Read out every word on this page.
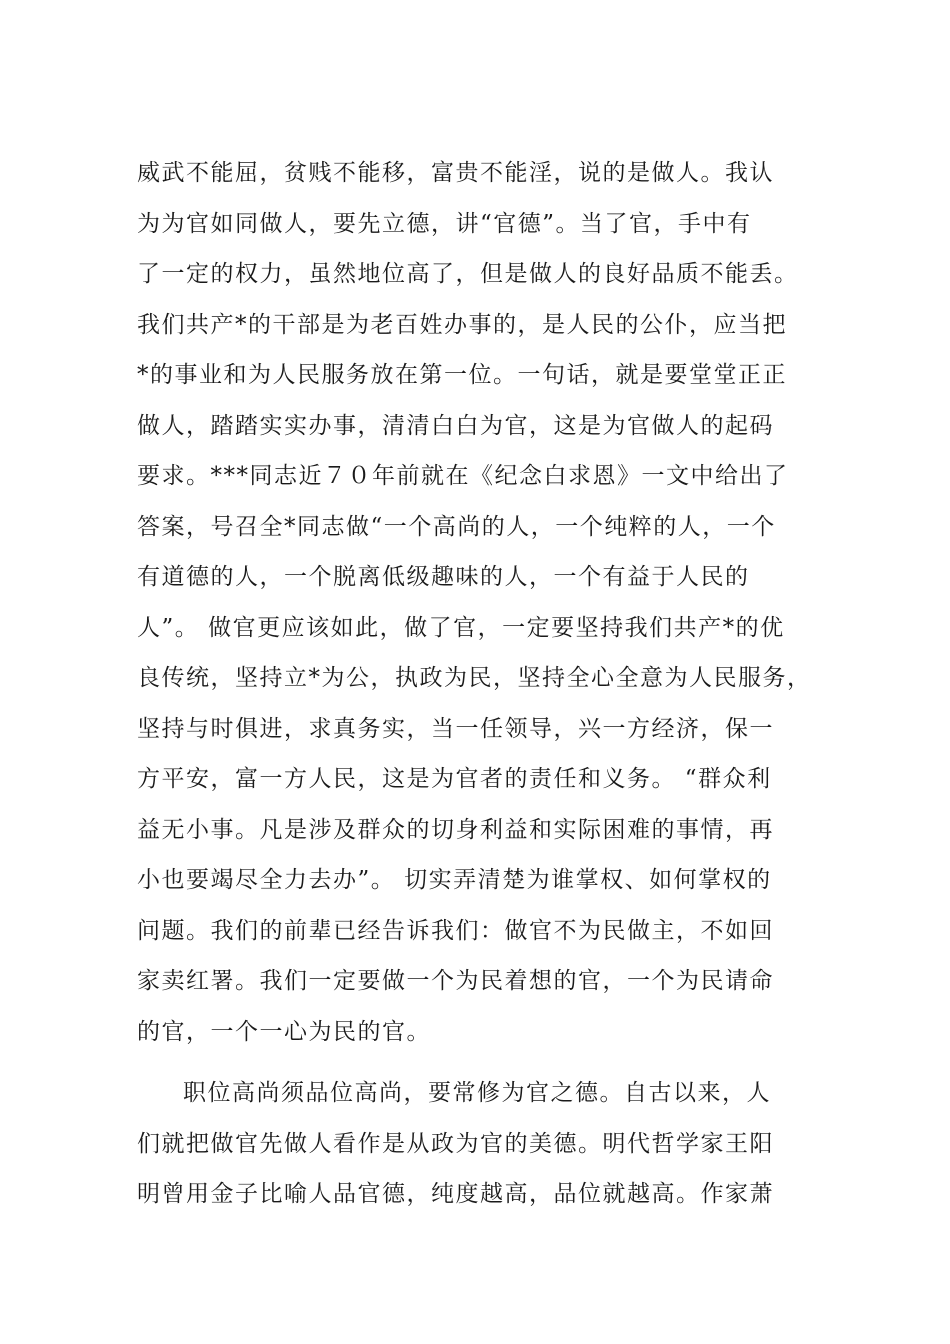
威武不能屈，贫贱不能移，富贵不能淫，说的是做人。我认
为为官如同做人，要先立德，讲“官德”。当了官，手中有
了一定的权力，虽然地位高了，但是做人的良好品质不能丢。
我们共产*的干部是为老百姓办事的，是人民的公仆，应当把
*的事业和为人民服务放在第一位。一句话，就是要堂堂正正
做人，踏踏实实办事，清清白白为官，这是为官做人的起码
要求。***同志近７０年前就在《纪念白求恩》一文中给出了
答案，号召全*同志做“一个高尚的人，一个纯粹的人，一个
有道德的人，一个脱离低级趣味的人，一个有益于人民的
人”。 做官更应该如此，做了官，一定要坚持我们共产*的优
良传统，坚持立*为公，执政为民，坚持全心全意为人民服务，
坚持与时俱进，求真务实，当一任领导，兴一方经济，保一
方平安，富一方人民，这是为官者的责任和义务。 “群众利
益无小事。凡是涉及群众的切身利益和实际困难的事情，再
小也要竭尽全力去办”。 切实弄清楚为谁掌权、如何掌权的
问题。我们的前辈已经告诉我们：做官不为民做主，不如回
家卖红署。我们一定要做一个为民着想的官，一个为民请命
的官，一个一心为民的官。
职位高尚须品位高尚，要常修为官之德。自古以来，人
们就把做官先做人看作是从政为官的美德。明代哲学家王阳
明曾用金子比喻人品官德，纯度越高，品位就越高。作家萧
